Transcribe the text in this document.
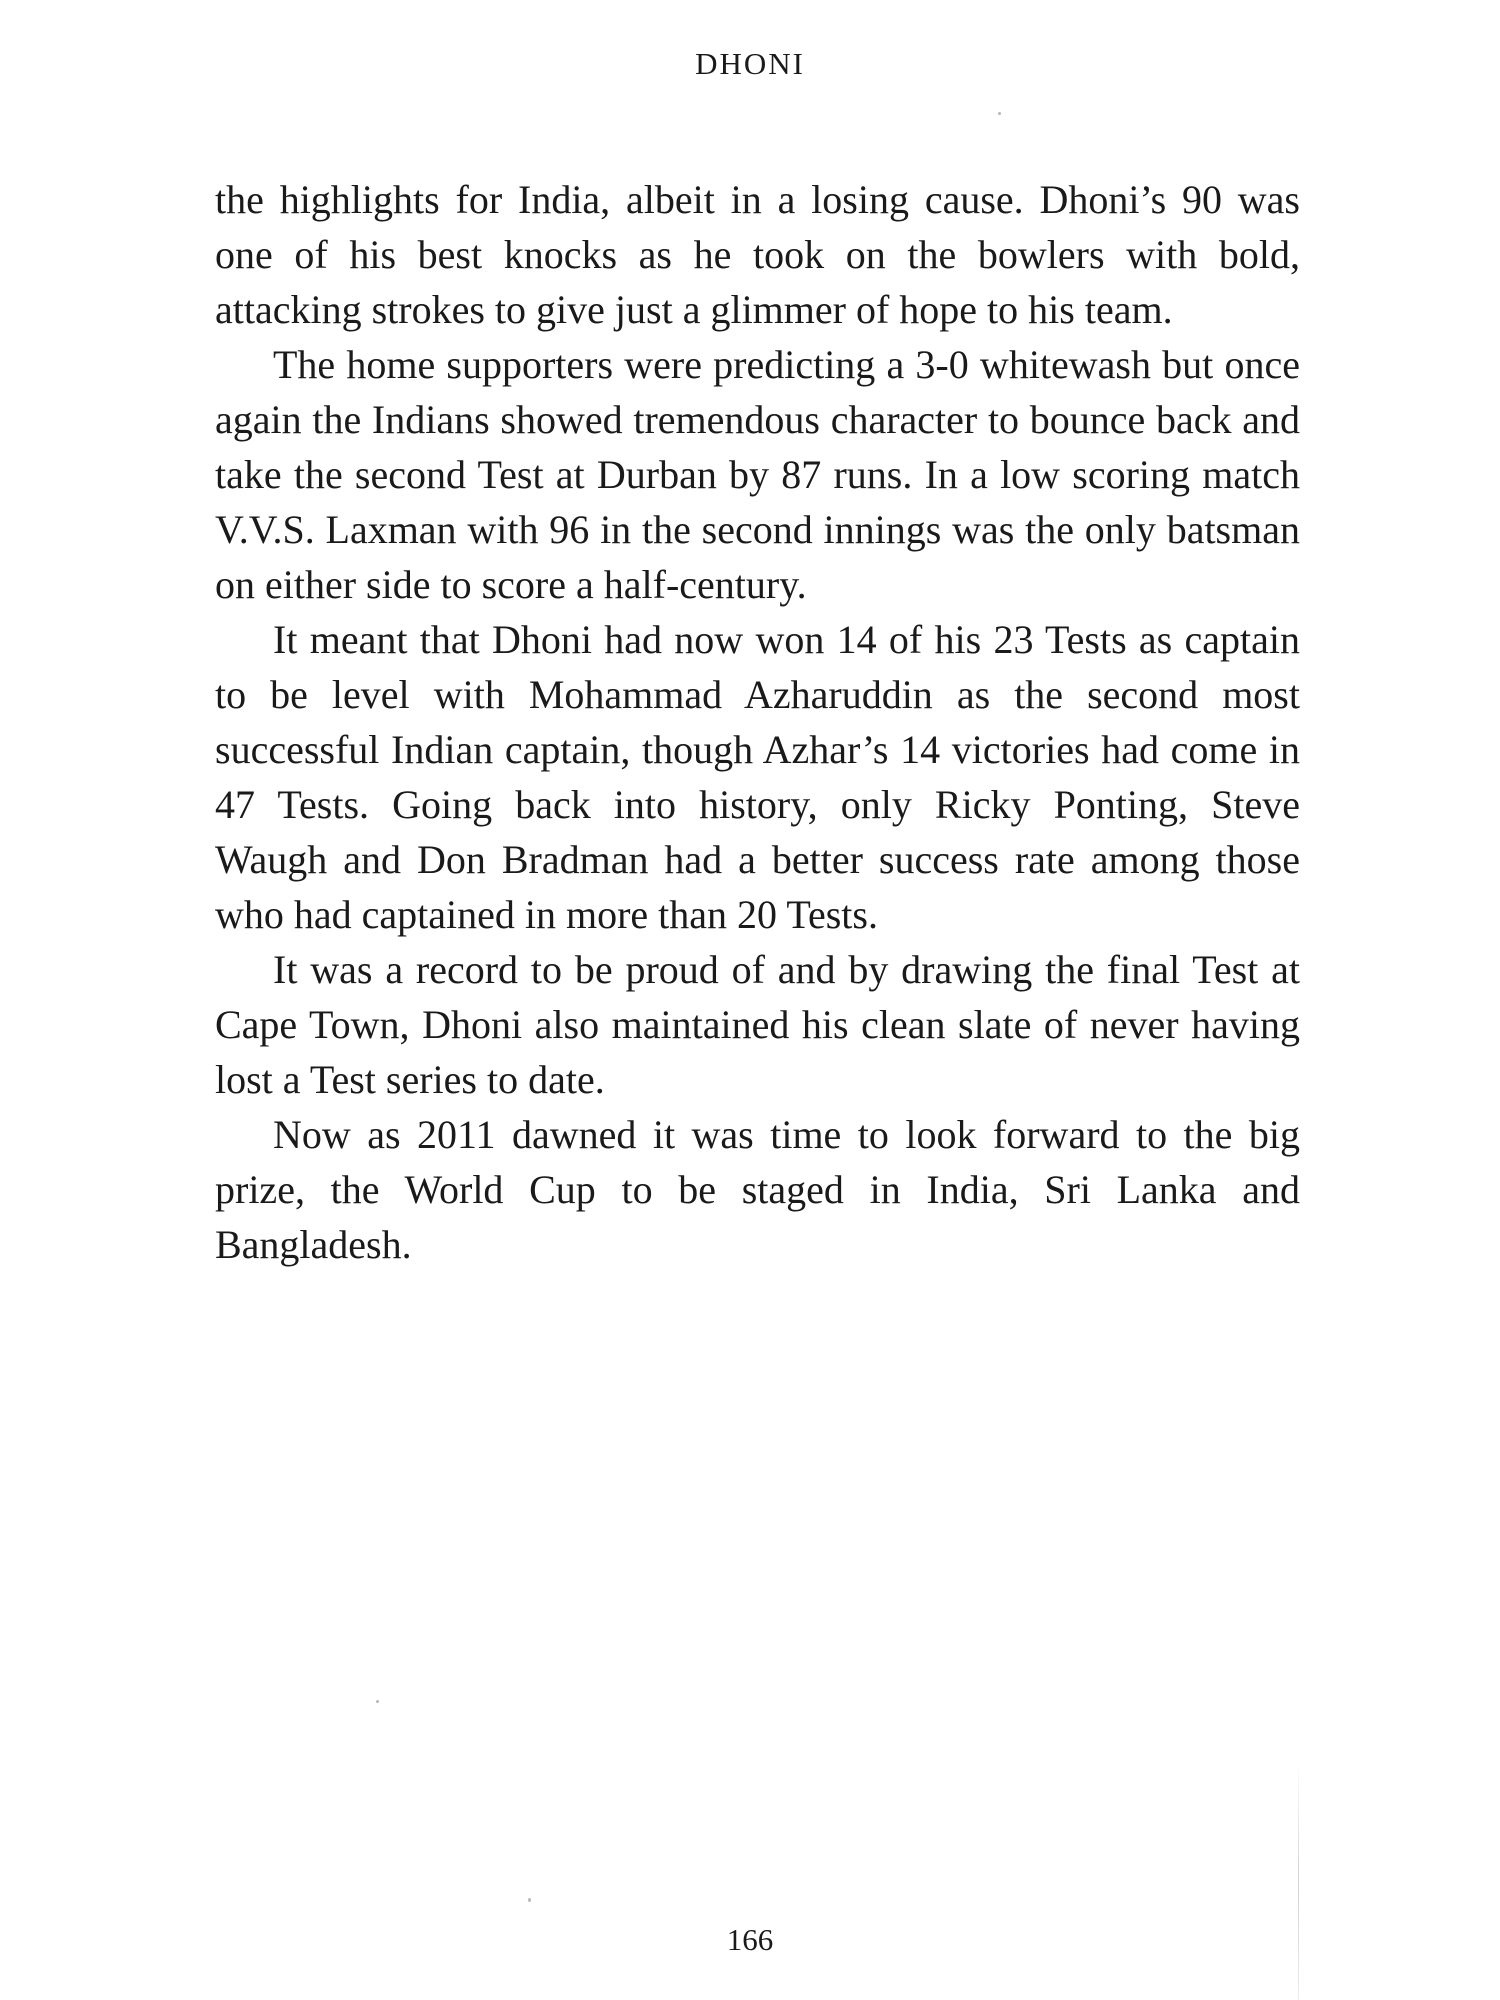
DHONI

the highlights for India, albeit in a losing cause. Dhoni’s 90 was one of his best knocks as he took on the bowlers with bold, attacking strokes to give just a glimmer of hope to his team.

The home supporters were predicting a 3-0 whitewash but once again the Indians showed tremendous character to bounce back and take the second Test at Durban by 87 runs. In a low scoring match V.V.S. Laxman with 96 in the second innings was the only batsman on either side to score a half-century.

It meant that Dhoni had now won 14 of his 23 Tests as captain to be level with Mohammad Azharuddin as the second most successful Indian captain, though Azhar’s 14 victories had come in 47 Tests. Going back into history, only Ricky Ponting, Steve Waugh and Don Bradman had a better success rate among those who had captained in more than 20 Tests.

It was a record to be proud of and by drawing the final Test at Cape Town, Dhoni also maintained his clean slate of never having lost a Test series to date.

Now as 2011 dawned it was time to look forward to the big prize, the World Cup to be staged in India, Sri Lanka and Bangladesh.

166
